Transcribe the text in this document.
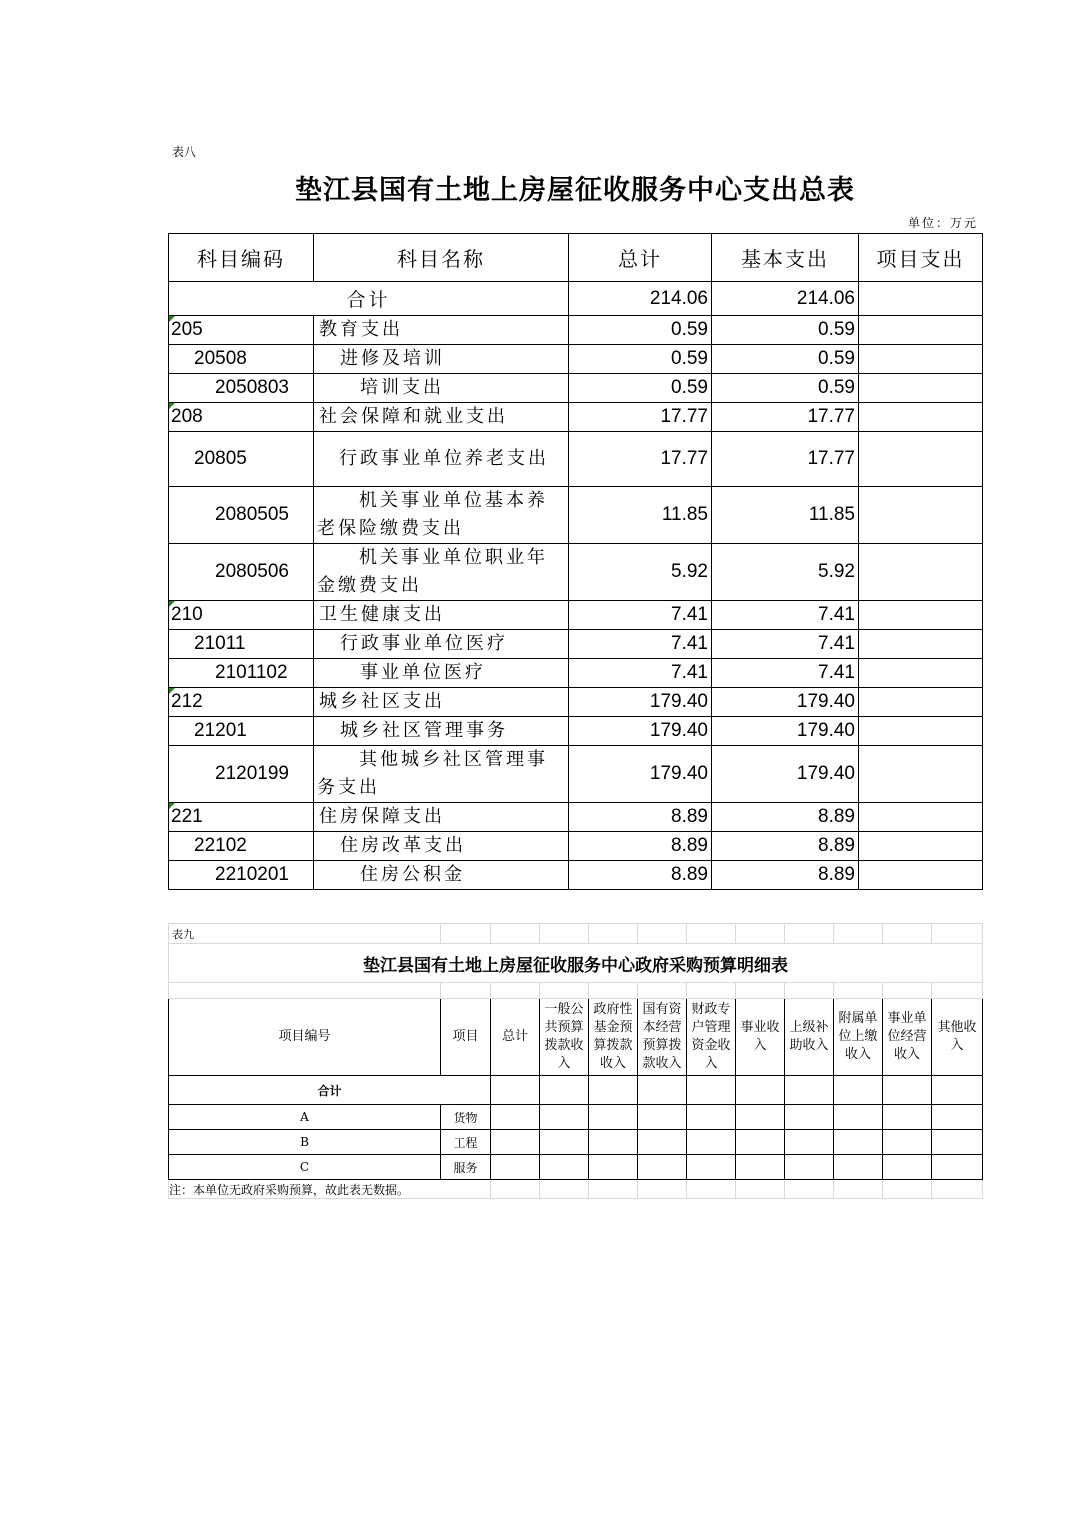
表八
垫江县国有土地上房屋征收服务中心支出总表
单位：万元
科目编码	科目名称	总计	基本支出	项目支出
合计		214.06	214.06	
205	教育支出	0.59	0.59	
20508	进修及培训	0.59	0.59	
2050803	培训支出	0.59	0.59	
208	社会保障和就业支出	17.77	17.77	
20805	行政事业单位养老支出	17.77	17.77	
2080505	机关事业单位基本养老保险缴费支出	11.85	11.85	
2080506	机关事业单位职业年金缴费支出	5.92	5.92	
210	卫生健康支出	7.41	7.41	
21011	行政事业单位医疗	7.41	7.41	
2101102	事业单位医疗	7.41	7.41	
212	城乡社区支出	179.40	179.40	
21201	城乡社区管理事务	179.40	179.40	
2120199	其他城乡社区管理事务支出	179.40	179.40	
221	住房保障支出	8.89	8.89	
22102	住房改革支出	8.89	8.89	
2210201	住房公积金	8.89	8.89	
表九											
垫江县国有土地上房屋征收服务中心政府采购预算明细表											

项目编号	项目	总计	一般公共预算拨款收入	政府性基金预算拨款收入	国有资本经营预算拨款收入	财政专户管理资金收入	事业收入	上级补助收入	附属单位上缴收入	事业单位经营收入	其他收入
合计											
A	货物										
B	工程										
C	服务										
注：本单位无政府采购预算，故此表无数据。											
